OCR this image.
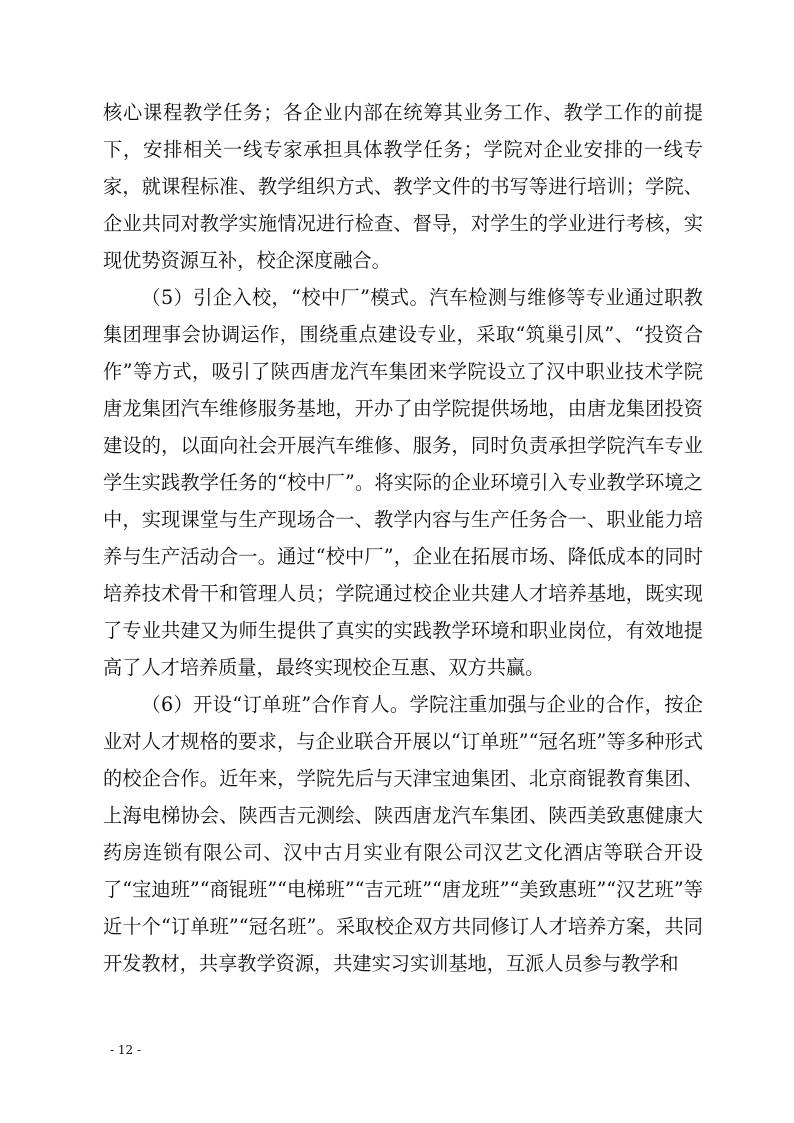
核心课程教学任务；各企业内部在统筹其业务工作、教学工作的前提下，安排相关一线专家承担具体教学任务；学院对企业安排的一线专家，就课程标准、教学组织方式、教学文件的书写等进行培训；学院、企业共同对教学实施情况进行检查、督导，对学生的学业进行考核，实现优势资源互补，校企深度融合。

（5）引企入校，“校中厂”模式。汽车检测与维修等专业通过职教集团理事会协调运作，围绕重点建设专业，采取“筑巢引凤”、“投资合作”等方式，吸引了陕西唐龙汽车集团来学院设立了汉中职业技术学院唐龙集团汽车维修服务基地，开办了由学院提供场地，由唐龙集团投资建设的，以面向社会开展汽车维修、服务，同时负责承担学院汽车专业学生实践教学任务的“校中厂”。将实际的企业环境引入专业教学环境之中，实现课堂与生产现场合一、教学内容与生产任务合一、职业能力培养与生产活动合一。通过“校中厂”，企业在拓展市场、降低成本的同时培养技术骨干和管理人员；学院通过校企业共建人才培养基地，既实现了专业共建又为师生提供了真实的实践教学环境和职业岗位，有效地提高了人才培养质量，最终实现校企互惠、双方共赢。

（6）开设“订单班”合作育人。学院注重加强与企业的合作，按企业对人才规格的要求，与企业联合开展以“订单班”“冠名班”等多种形式的校企合作。近年来，学院先后与天津宝迪集团、北京商锟教育集团、上海电梯协会、陕西吉元测绘、陕西唐龙汽车集团、陕西美致惠健康大药房连锁有限公司、汉中古月实业有限公司汉艺文化酒店等联合开设了“宝迪班”“商锟班”“电梯班”“吉元班”“唐龙班”“美致惠班”“汉艺班”等近十个“订单班”“冠名班”。采取校企双方共同修订人才培养方案，共同开发教材，共享教学资源，共建实习实训基地，互派人员参与教学和

- 12 -
